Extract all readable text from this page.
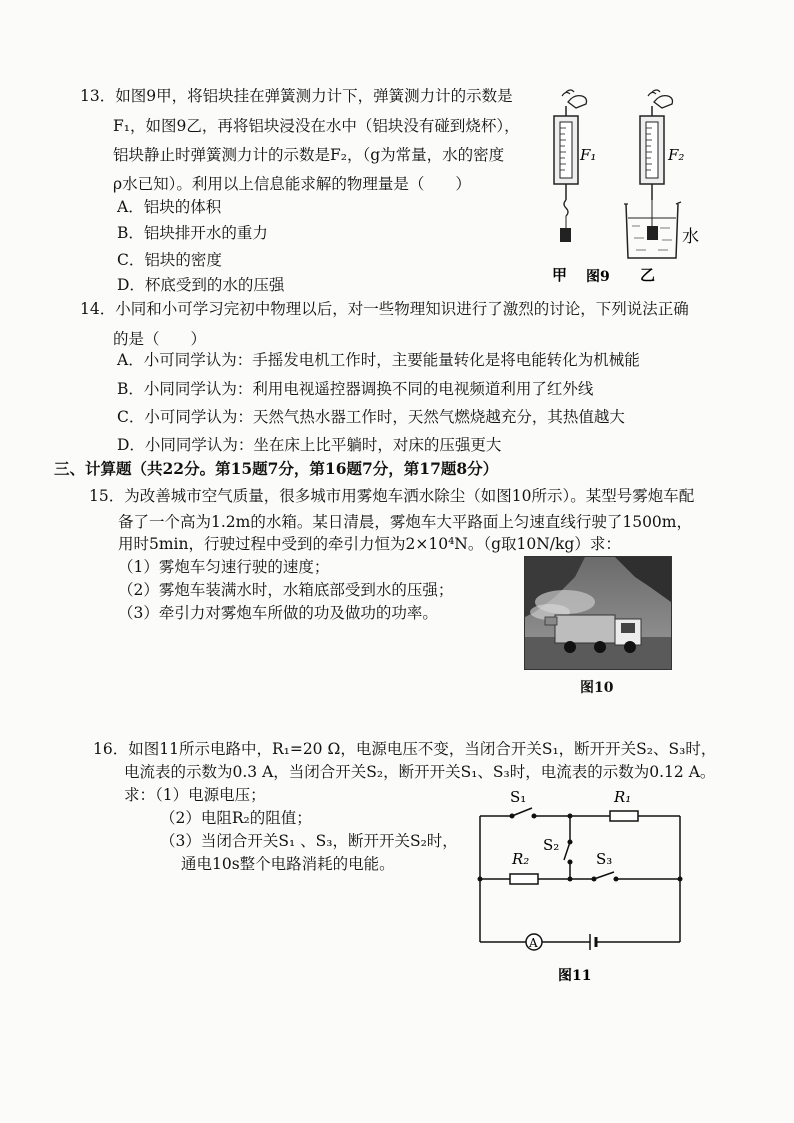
13．如图9甲，将铝块挂在弹簧测力计下，弹簧测力计的示数是
F₁，如图9乙，再将铝块浸没在水中（铝块没有碰到烧杯），
铝块静止时弹簧测力计的示数是F₂，（g为常量，水的密度
ρ水已知）。利用以上信息能求解的物理量是（　　）
A．铝块的体积
B．铝块排开水的重力
C．铝块的密度
D．杯底受到的水的压强
F₁	F₂
水
甲 图9 乙
14．小同和小可学习完初中物理以后，对一些物理知识进行了激烈的讨论，下列说法正确
的是（　　）
A．小可同学认为：手摇发电机工作时，主要能量转化是将电能转化为机械能
B．小同同学认为：利用电视遥控器调换不同的电视频道利用了红外线
C．小可同学认为：天然气热水器工作时，天然气燃烧越充分，其热值越大
D．小同同学认为：坐在床上比平躺时，对床的压强更大
三、计算题（共22分。第15题7分，第16题7分，第17题8分）
15．为改善城市空气质量，很多城市用雾炮车洒水除尘（如图10所示）。某型号雾炮车配
备了一个高为1.2m的水箱。某日清晨，雾炮车大平路面上匀速直线行驶了1500m，
用时5min，行驶过程中受到的牵引力恒为2×10⁴N。（g取10N/kg）求：
（1）雾炮车匀速行驶的速度；
（2）雾炮车装满水时，水箱底部受到水的压强；
（3）牵引力对雾炮车所做的功及做功的功率。
图10
16．如图11所示电路中，R₁=20 Ω，电源电压不变，当闭合开关S₁，断开开关S₂、S₃时，
电流表的示数为0.3 A，当闭合开关S₂，断开开关S₁、S₃时，电流表的示数为0.12 A。
求：（1）电源电压；
（2）电阻R₂的阻值；
（3）当闭合开关S₁ 、S₃，断开开关S₂时，
通电10s整个电路消耗的电能。
S₁	R₁
S₂
R₂	S₃
A
图11
